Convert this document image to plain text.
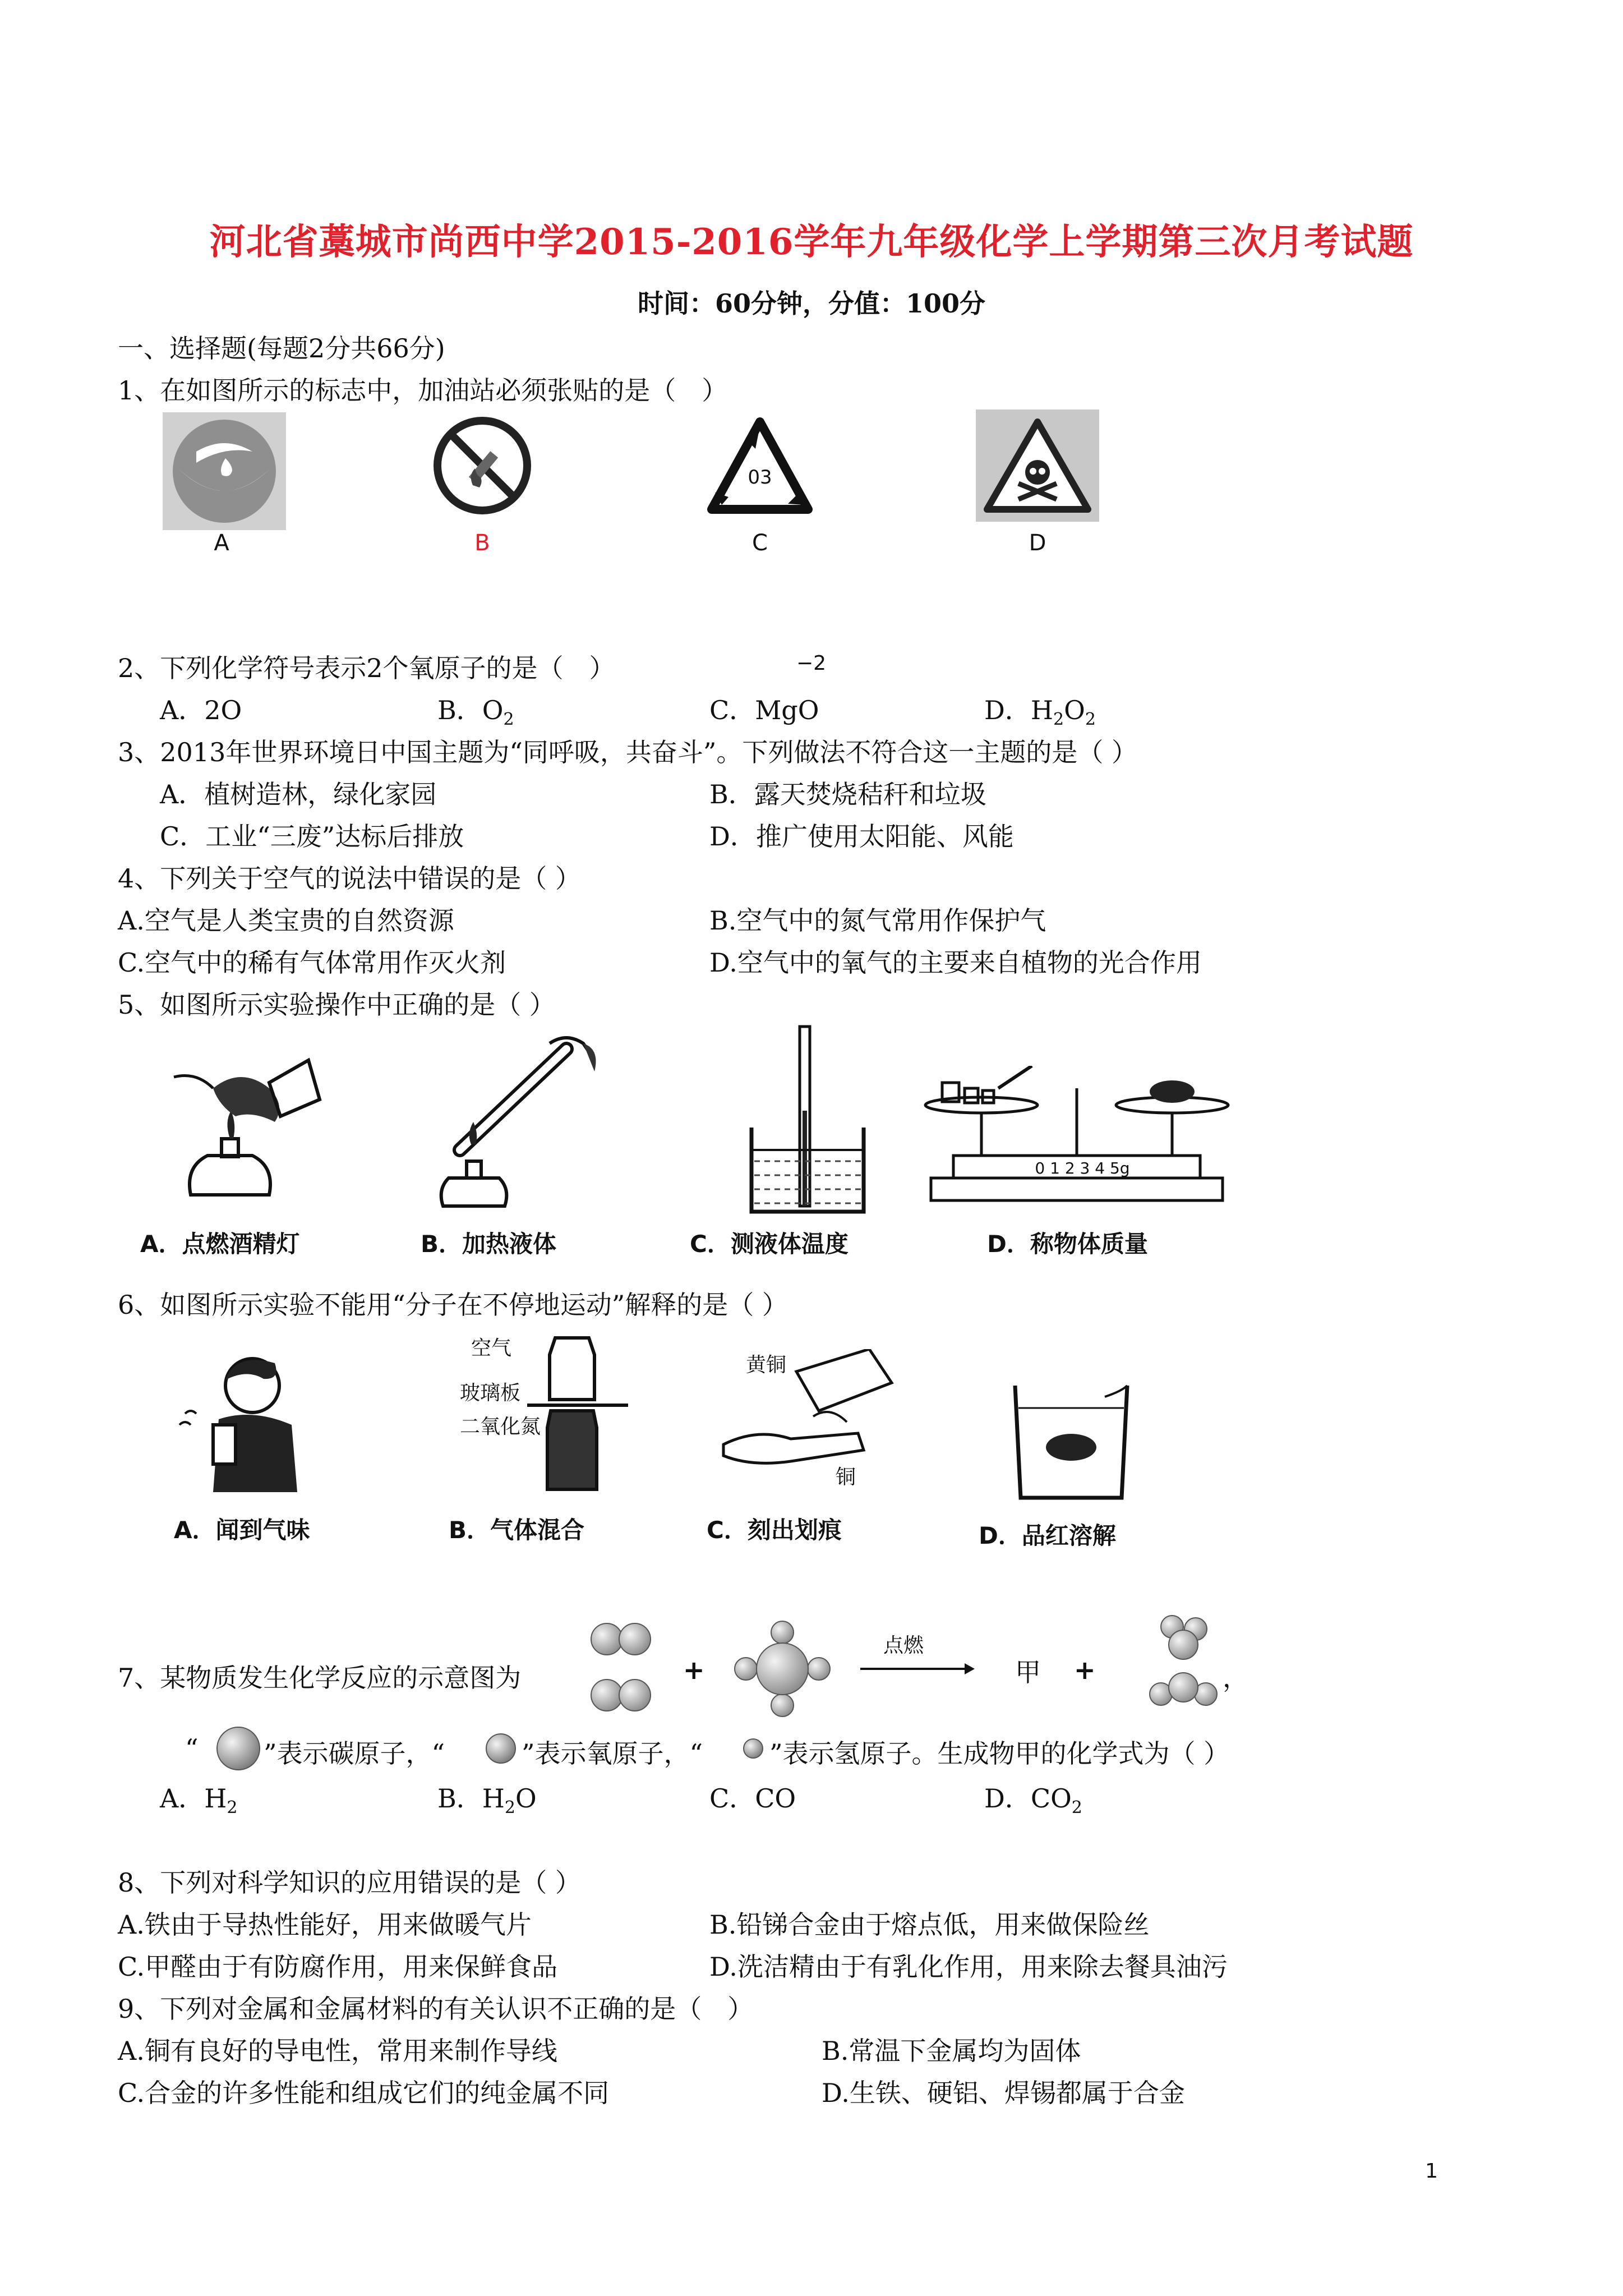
河北省藁城市尚西中学2015-2016学年九年级化学上学期第三次月考试题
时间：60分钟，分值：100分
一、选择题(每题2分共66分)
1、在如图所示的标志中，加油站必须张贴的是（　）
03
A	B	C	D
2、下列化学符号表示2个氧原子的是（　）	−2
A．2O	B．$O_2$	C．MgO	D．$H_2O_2$
3、2013年世界环境日中国主题为“同呼吸，共奋斗”。下列做法不符合这一主题的是（ ）
A．植树造林，绿化家园	B．露天焚烧秸秆和垃圾
C．工业“三废”达标后排放	D．推广使用太阳能、风能
4、下列关于空气的说法中错误的是（ ）
A.空气是人类宝贵的自然资源	B.空气中的氮气常用作保护气
C.空气中的稀有气体常用作灭火剂	D.空气中的氧气的主要来自植物的光合作用
5、如图所示实验操作中正确的是（ ）
0 1 2 3 4 5g
A．点燃酒精灯	B．加热液体	C．测液体温度	D．称物体质量
6、如图所示实验不能用“分子在不停地运动”解释的是（ ）
空气
玻璃板
二氧化氮
黄铜
铜
A．闻到气味	B．气体混合	C．刻出划痕	D．品红溶解
7、某物质发生化学反应的示意图为	+
点燃
甲 +	，
“	”表示碳原子，“	”表示氧原子，“	”表示氢原子。生成物甲的化学式为（ ）
A．$H_2$	B．$H_2O$	C．CO	D．$CO_2$
8、下列对科学知识的应用错误的是（ ）
A.铁由于导热性能好，用来做暖气片	B.铅锑合金由于熔点低，用来做保险丝
C.甲醛由于有防腐作用，用来保鲜食品	D.洗洁精由于有乳化作用，用来除去餐具油污
9、下列对金属和金属材料的有关认识不正确的是（　）
A.铜有良好的导电性，常用来制作导线	B.常温下金属均为固体
C.合金的许多性能和组成它们的纯金属不同	D.生铁、硬铝、焊锡都属于合金
1
